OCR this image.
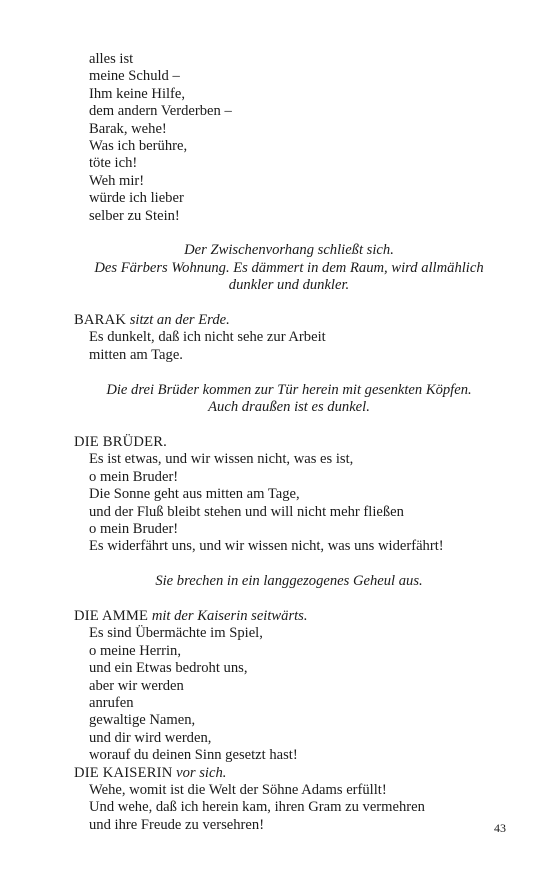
alles ist
meine Schuld –
Ihm keine Hilfe,
dem andern Verderben –
Barak, wehe!
Was ich berühre,
töte ich!
Weh mir!
würde ich lieber
selber zu Stein!
Der Zwischenvorhang schließt sich.
Des Färbers Wohnung. Es dämmert in dem Raum, wird allmählich
dunkler und dunkler.
BARAK sitzt an der Erde.
Es dunkelt, daß ich nicht sehe zur Arbeit
mitten am Tage.
Die drei Brüder kommen zur Tür herein mit gesenkten Köpfen.
Auch draußen ist es dunkel.
DIE BRÜDER.
Es ist etwas, und wir wissen nicht, was es ist,
o mein Bruder!
Die Sonne geht aus mitten am Tage,
und der Fluß bleibt stehen und will nicht mehr fließen
o mein Bruder!
Es widerfährt uns, und wir wissen nicht, was uns widerfährt!
Sie brechen in ein langgezogenes Geheul aus.
DIE AMME mit der Kaiserin seitwärts.
Es sind Übermächte im Spiel,
o meine Herrin,
und ein Etwas bedroht uns,
aber wir werden
anrufen
gewaltige Namen,
und dir wird werden,
worauf du deinen Sinn gesetzt hast!
DIE KAISERIN vor sich.
Wehe, womit ist die Welt der Söhne Adams erfüllt!
Und wehe, daß ich herein kam, ihren Gram zu vermehren
und ihre Freude zu versehren!	43
